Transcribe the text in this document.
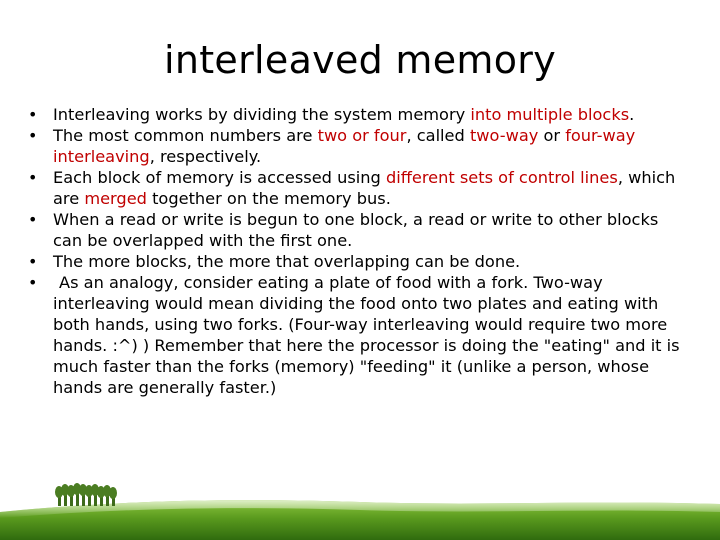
interleaved memory
• Interleaving works by dividing the system memory into multiple blocks.
• The most common numbers are two or four, called two-way or four-way interleaving, respectively.
• Each block of memory is accessed using different sets of control lines, which are merged together on the memory bus.
• When a read or write is begun to one block, a read or write to other blocks can be overlapped with the first one.
• The more blocks, the more that overlapping can be done.
• As an analogy, consider eating a plate of food with a fork. Two-way interleaving would mean dividing the food onto two plates and eating with both hands, using two forks. (Four-way interleaving would require two more hands. :^) ) Remember that here the processor is doing the "eating" and it is much faster than the forks (memory) "feeding" it (unlike a person, whose hands are generally faster.)
